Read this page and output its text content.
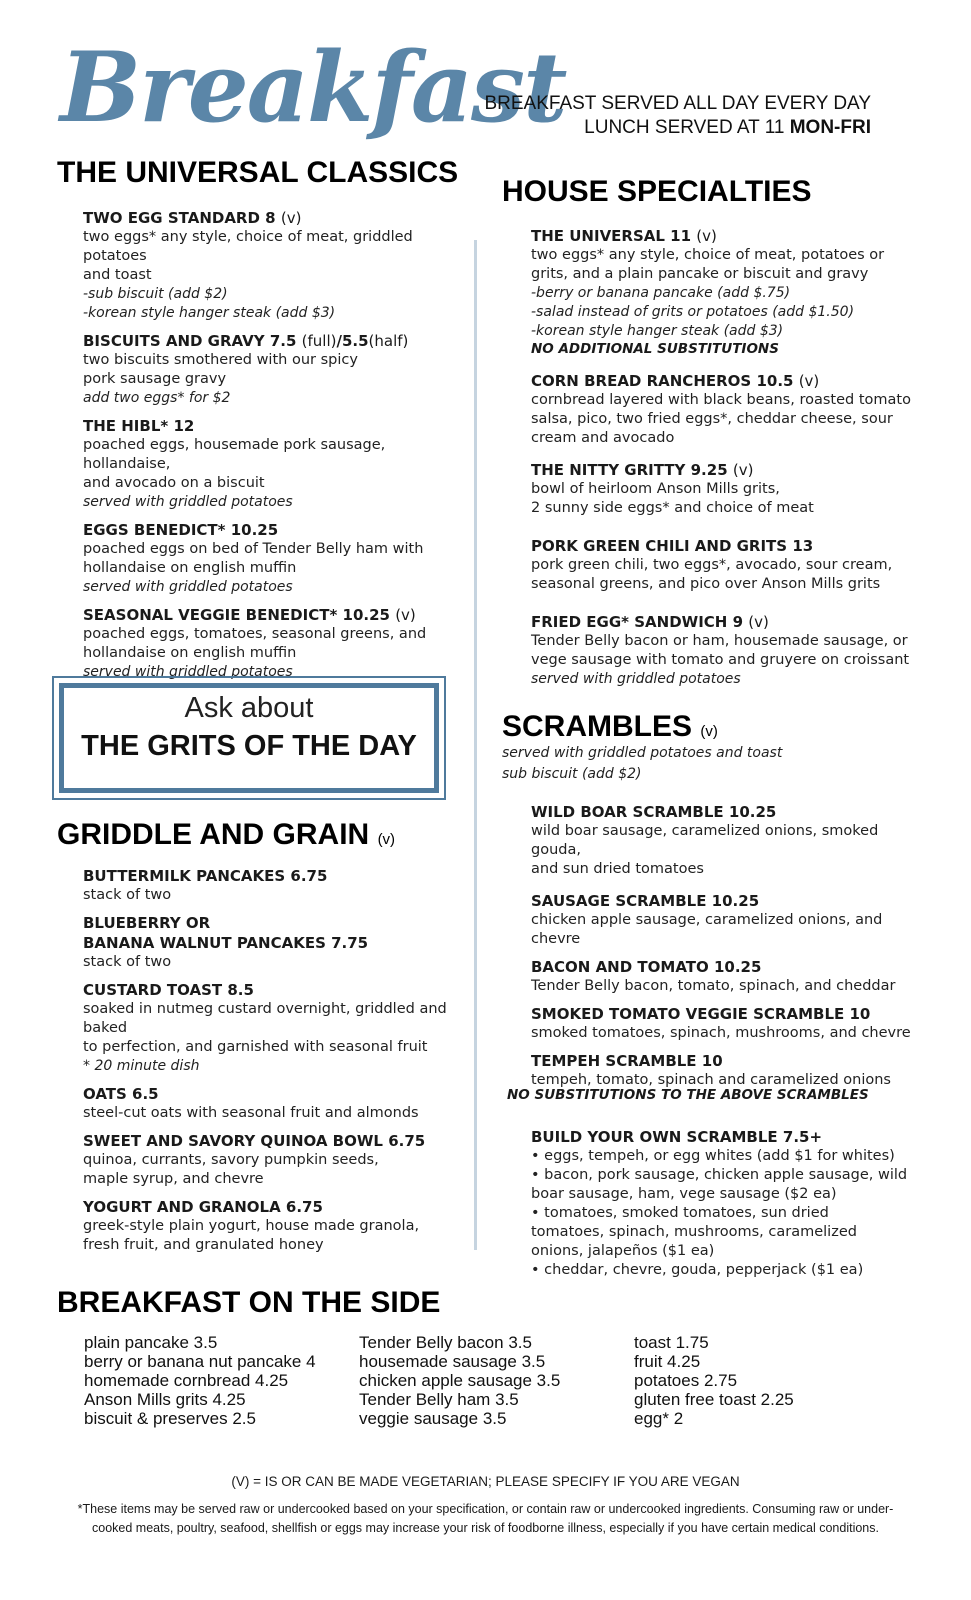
Breakfast
BREAKFAST SERVED ALL DAY EVERY DAY
LUNCH SERVED AT 11 MON-FRI
THE UNIVERSAL CLASSICS
TWO EGG STANDARD 8 (v)
two eggs* any style, choice of meat, griddled potatoes
and toast
-sub biscuit (add $2)
-korean style hanger steak (add $3)
BISCUITS AND GRAVY 7.5 (full)/5.5(half)
two biscuits smothered with our spicy
pork sausage gravy
add two eggs* for $2
THE HIBL* 12
poached eggs, housemade pork sausage, hollandaise,
and avocado on a biscuit
served with griddled potatoes
EGGS BENEDICT* 10.25
poached eggs on bed of Tender Belly ham with
hollandaise on english muffin
served with griddled potatoes
SEASONAL VEGGIE BENEDICT* 10.25 (v)
poached eggs, tomatoes, seasonal greens, and
hollandaise on english muffin
served with griddled potatoes
Ask about
THE GRITS OF THE DAY
GRIDDLE AND GRAIN (v)
BUTTERMILK PANCAKES 6.75
stack of two
BLUEBERRY OR
BANANA WALNUT PANCAKES 7.75
stack of two
CUSTARD TOAST 8.5
soaked in nutmeg custard overnight, griddled and baked
to perfection, and garnished with seasonal fruit
* 20 minute dish
OATS 6.5
steel-cut oats with seasonal fruit and almonds
SWEET AND SAVORY QUINOA BOWL 6.75
quinoa, currants, savory pumpkin seeds,
maple syrup, and chevre
YOGURT AND GRANOLA 6.75
greek-style plain yogurt, house made granola,
fresh fruit, and granulated honey
HOUSE SPECIALTIES
THE UNIVERSAL 11 (v)
two eggs* any style, choice of meat, potatoes or
grits, and a plain pancake or biscuit and gravy
-berry or banana pancake (add $.75)
-salad instead of grits or potatoes (add $1.50)
-korean style hanger steak (add $3)
NO ADDITIONAL SUBSTITUTIONS
CORN BREAD RANCHEROS 10.5 (v)
cornbread layered with black beans, roasted tomato
salsa, pico, two fried eggs*, cheddar cheese, sour
cream and avocado
THE NITTY GRITTY 9.25 (v)
bowl of heirloom Anson Mills grits,
2 sunny side eggs* and choice of meat
PORK GREEN CHILI AND GRITS 13
pork green chili, two eggs*, avocado, sour cream,
seasonal greens, and pico over Anson Mills grits
FRIED EGG* SANDWICH 9 (v)
Tender Belly bacon or ham, housemade sausage, or
vege sausage with tomato and gruyere on croissant
served with griddled potatoes
SCRAMBLES (v)
served with griddled potatoes and toast
sub biscuit (add $2)
WILD BOAR SCRAMBLE 10.25
wild boar sausage, caramelized onions, smoked gouda,
and sun dried tomatoes
SAUSAGE SCRAMBLE 10.25
chicken apple sausage, caramelized onions, and chevre
BACON AND TOMATO 10.25
Tender Belly bacon, tomato, spinach, and cheddar
SMOKED TOMATO VEGGIE SCRAMBLE 10
smoked tomatoes, spinach, mushrooms, and chevre
TEMPEH SCRAMBLE 10
tempeh, tomato, spinach and caramelized onions
NO SUBSTITUTIONS TO THE ABOVE SCRAMBLES
BUILD YOUR OWN SCRAMBLE 7.5+
• eggs, tempeh, or egg whites (add $1 for whites)
• bacon, pork sausage, chicken apple sausage, wild
boar sausage, ham, vege sausage ($2 ea)
• tomatoes, smoked tomatoes, sun dried
tomatoes, spinach, mushrooms, caramelized
onions, jalapeños ($1 ea)
• cheddar, chevre, gouda, pepperjack ($1 ea)
BREAKFAST ON THE SIDE
plain pancake 3.5
berry or banana nut pancake 4
homemade cornbread 4.25
Anson Mills grits 4.25
biscuit & preserves 2.5
Tender Belly bacon 3.5
housemade sausage 3.5
chicken apple sausage 3.5
Tender Belly ham 3.5
veggie sausage 3.5
toast 1.75
fruit 4.25
potatoes 2.75
gluten free toast 2.25
egg* 2
(V) = IS OR CAN BE MADE VEGETARIAN; PLEASE SPECIFY IF YOU ARE VEGAN
*These items may be served raw or undercooked based on your specification, or contain raw or undercooked ingredients. Consuming raw or under-cooked meats, poultry, seafood, shellfish or eggs may increase your risk of foodborne illness, especially if you have certain medical conditions.
